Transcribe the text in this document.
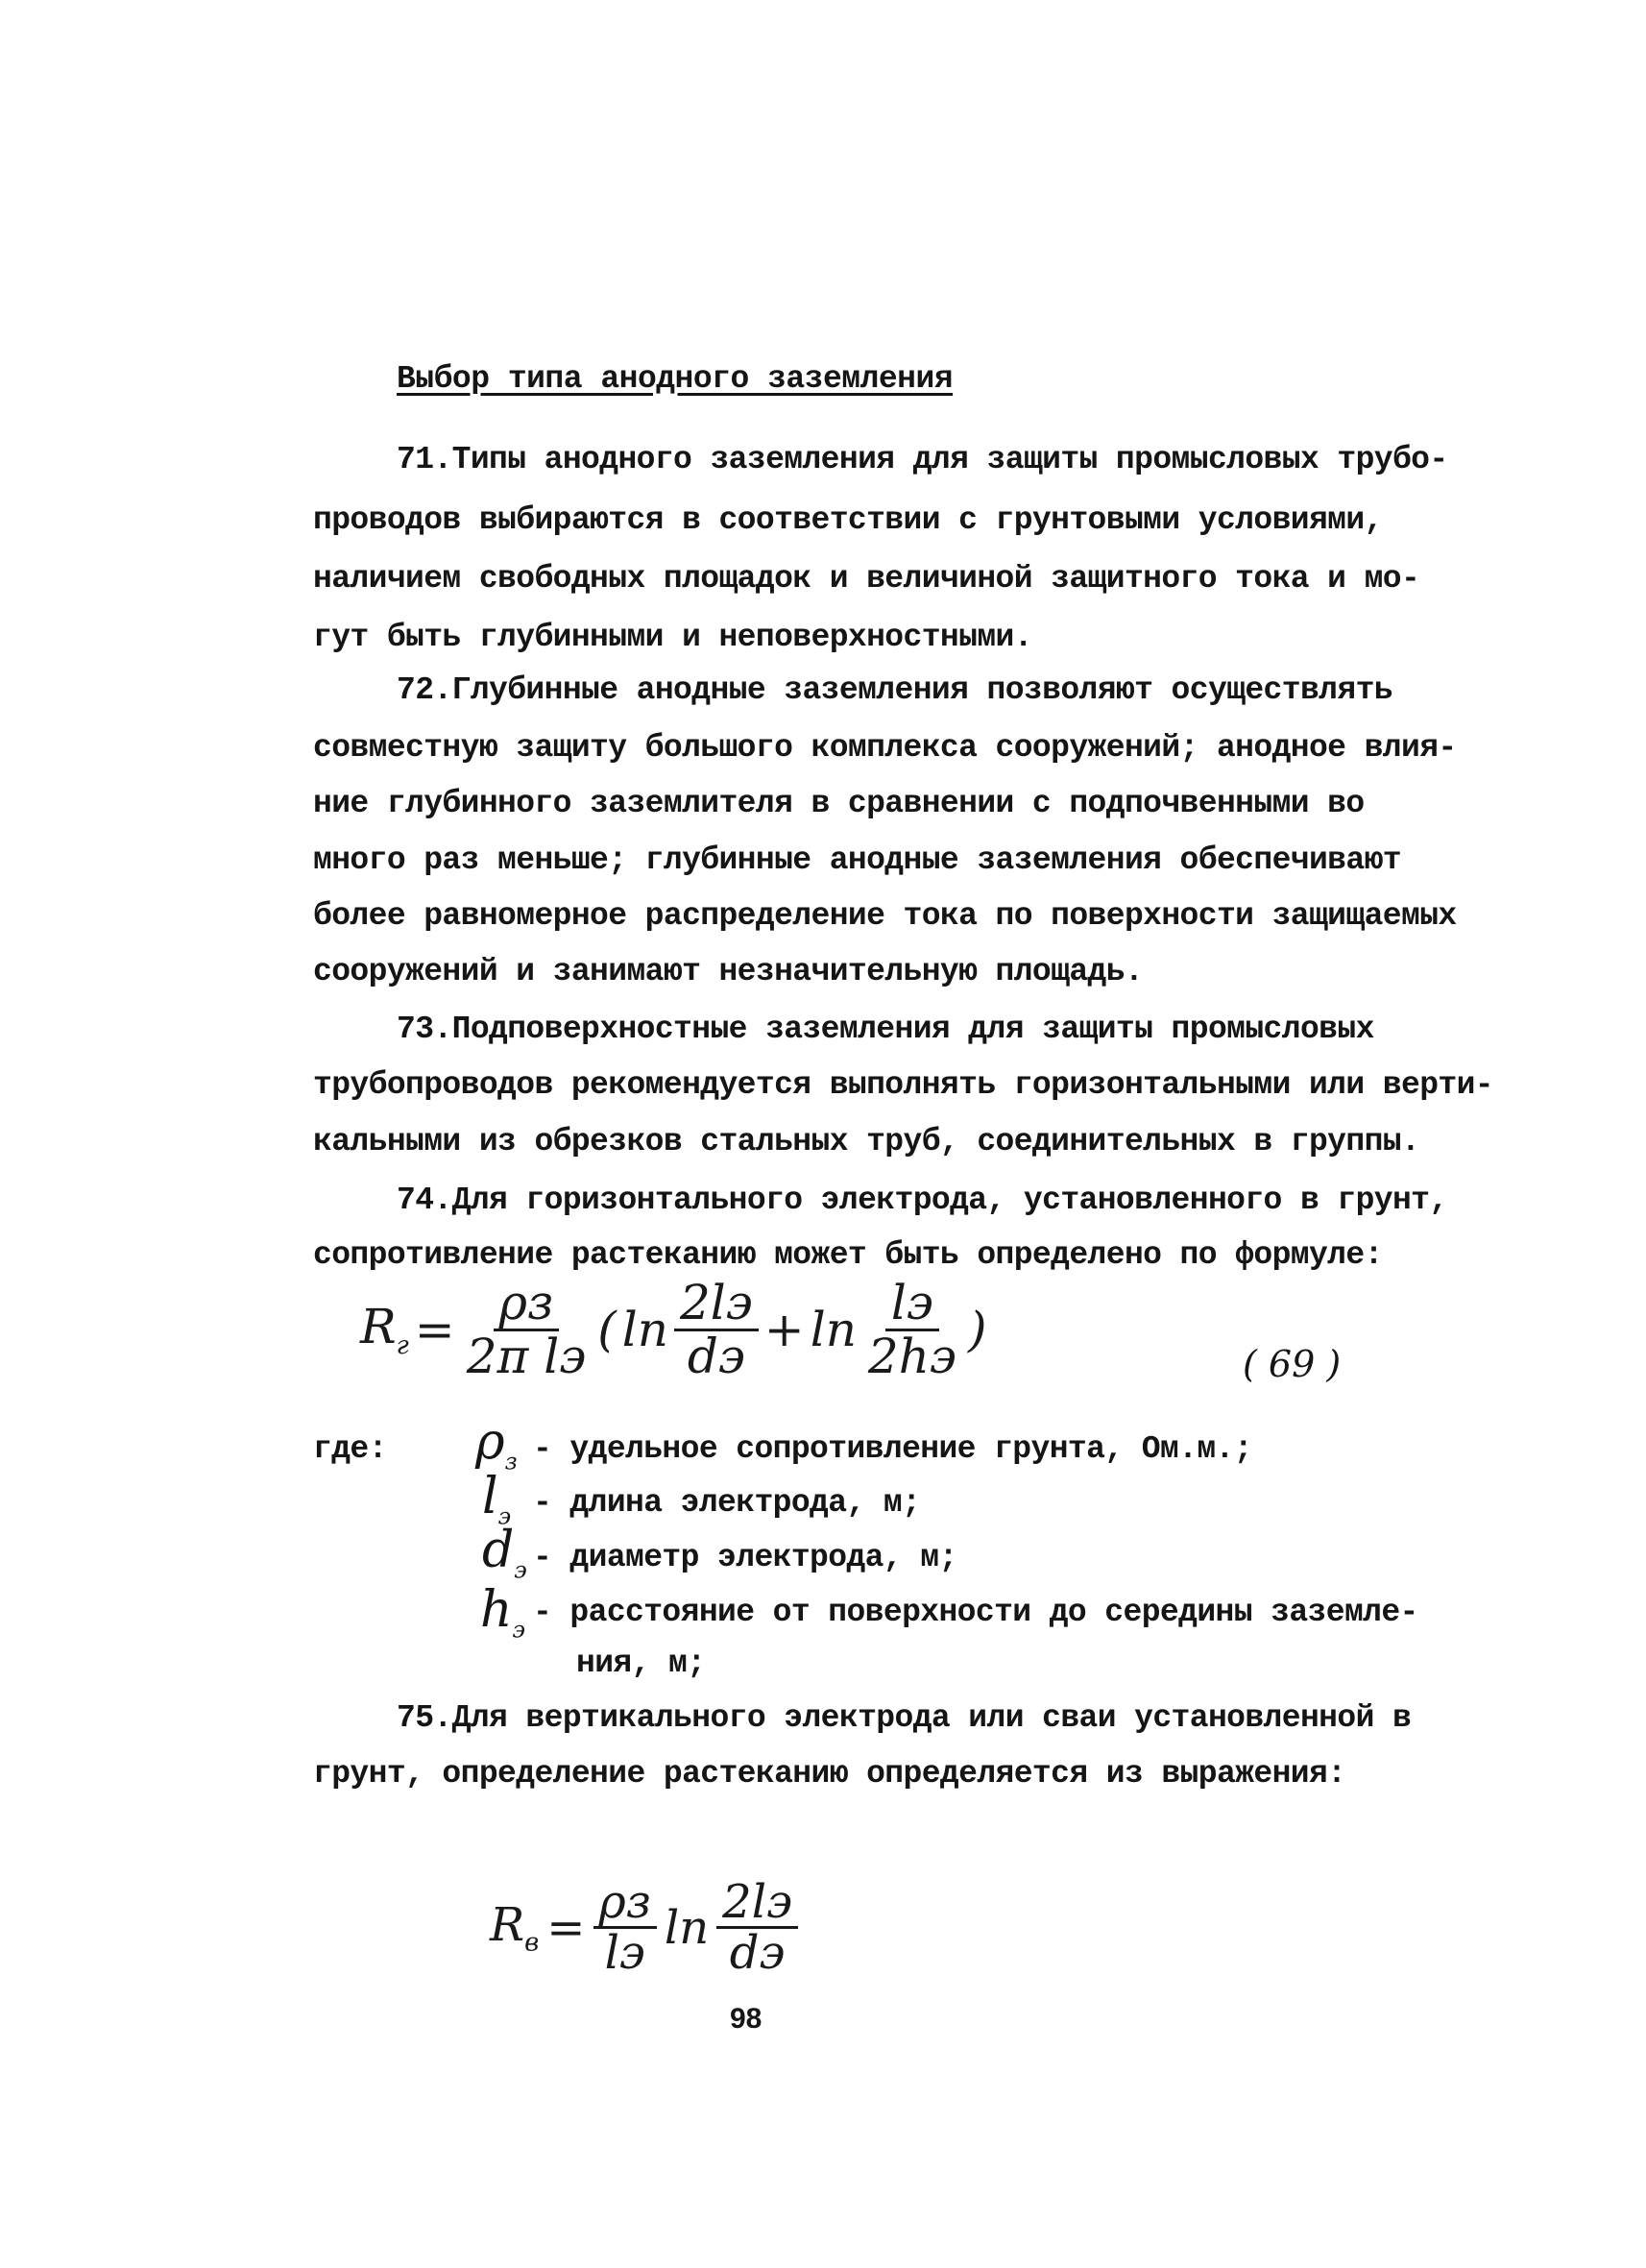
Выбор типа анодного заземления
71.Типы анодного заземления для защиты промысловых трубо-
проводов выбираются в соответствии с грунтовыми условиями,
наличием свободных площадок и величиной защитного тока и мо-
гут быть глубинными и неповерхностными.
72.Глубинные анодные заземления позволяют осуществлять
совместную защиту большого комплекса сооружений; анодное влия-
ние глубинного заземлителя в сравнении с подпочвенными во
много раз меньше; глубинные анодные заземления обеспечивают
более равномерное распределение тока по поверхности защищаемых
сооружений и занимают незначительную площадь.
73.Подповерхностные заземления для защиты промысловых
трубопроводов рекомендуется выполнять горизонтальными или верти-
кальными из обрезков стальных труб, соединительных в группы.
74.Для горизонтального электрода, установленного в грунт,
сопротивление растеканию может быть определено по формуле:
$R_г = \frac{\rho з}{\text{2π lэ}}$ ( $\ln \frac{2lэ}{dэ} + \ln \frac{lэ}{2hэ}$ )
( 69 )
где: $\rho_з$ - удельное сопротивление грунта, Ом.м.;
$l_э$ - длина электрода, м;
$d_э$ - диаметр электрода, м;
$h_э$ - расстояние от поверхности до середины заземле-
ния, м;
75.Для вертикального электрода или сваи установленной в
грунт, определение растеканию определяется из выражения:
$R_в = \frac{\rho з}{lэ}$ $\ln \frac{2lэ}{dэ}$
98
